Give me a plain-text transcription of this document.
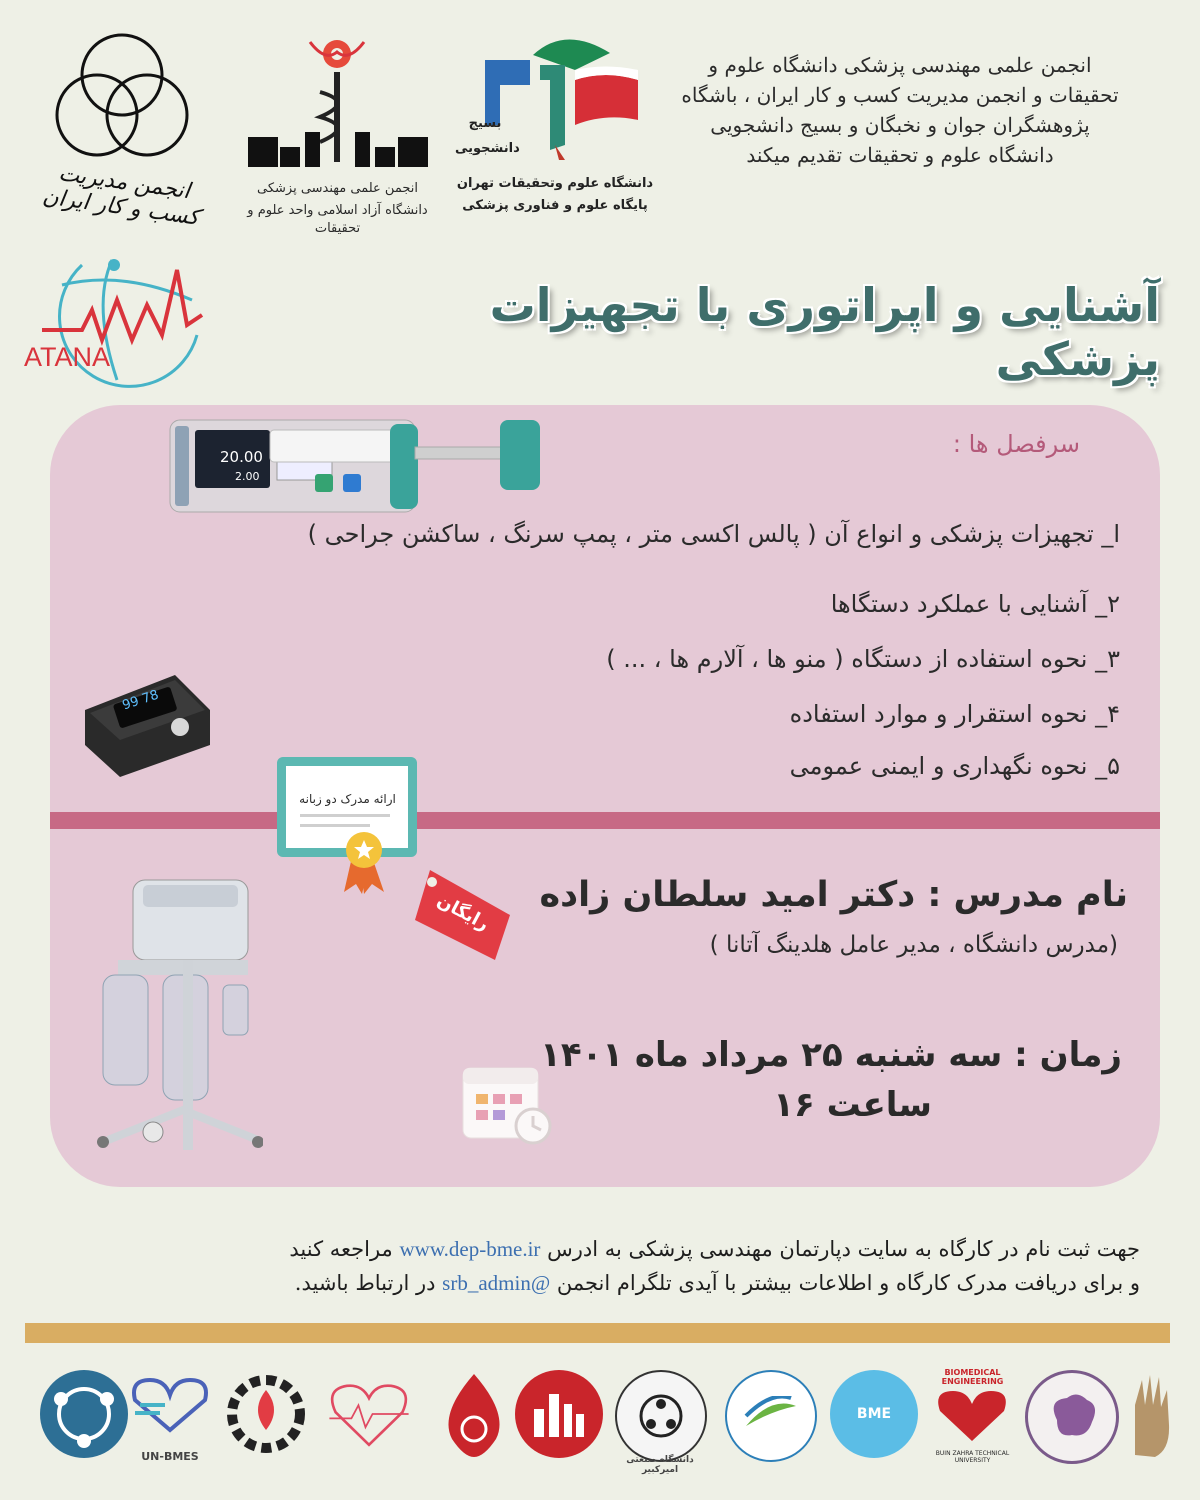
انجمن علمی مهندسی پزشکی دانشگاه علوم و
تحقیقات و انجمن مدیریت کسب و کار ایران ، باشگاه
پژوهشگران جوان و نخبگان و بسیج دانشجویی
دانشگاه علوم و تحقیقات تقدیم میکند
بسیج
دانشجویی
دانشگاه علوم وتحقیقات تهران
پایگاه علوم و فناوری پزشکی
انجمن علمی مهندسی پزشکی
دانشگاه آزاد اسلامی واحد علوم و تحقیقات
انجمن مدیریت کسب و کار ایران
ATANA
آشنایی و اپراتوری با تجهیزات پزشکی
20.00
2.00
سرفصل ها :
ا_ تجهیزات پزشکی و انواع آن ( پالس اکسی متر ، پمپ سرنگ ، ساکشن جراحی )
۲_ آشنایی با عملکرد دستگاها
۳_ نحوه استفاده از دستگاه ( منو ها ، آلارم ها ، ... )
۴_ نحوه استقرار و موارد استفاده
۵_ نحوه نگهداری و ایمنی عمومی
99 78
ارائه مدرک دو زبانه
رایگان نام مدرس : دکتر امید سلطان زاده
(مدرس دانشگاه ، مدیر عامل هلدینگ آتانا )
زمان : سه شنبه ۲۵ مرداد ماه ۱۴۰۱
ساعت ۱۶
جهت ثبت نام در کارگاه به سایت دپارتمان مهندسی پزشکی به ادرس www.dep-bme.ir مراجعه کنید
و برای دریافت مدرک کارگاه و اطلاعات بیشتر با آیدی تلگرام انجمن @srb_admin در ارتباط باشید.
UN-BMES	دانشگاه صنعتی امیرکبیر
BME
BIOMEDICAL ENGINEERING
BUIN ZAHRA TECHNICAL UNIVERSITY
